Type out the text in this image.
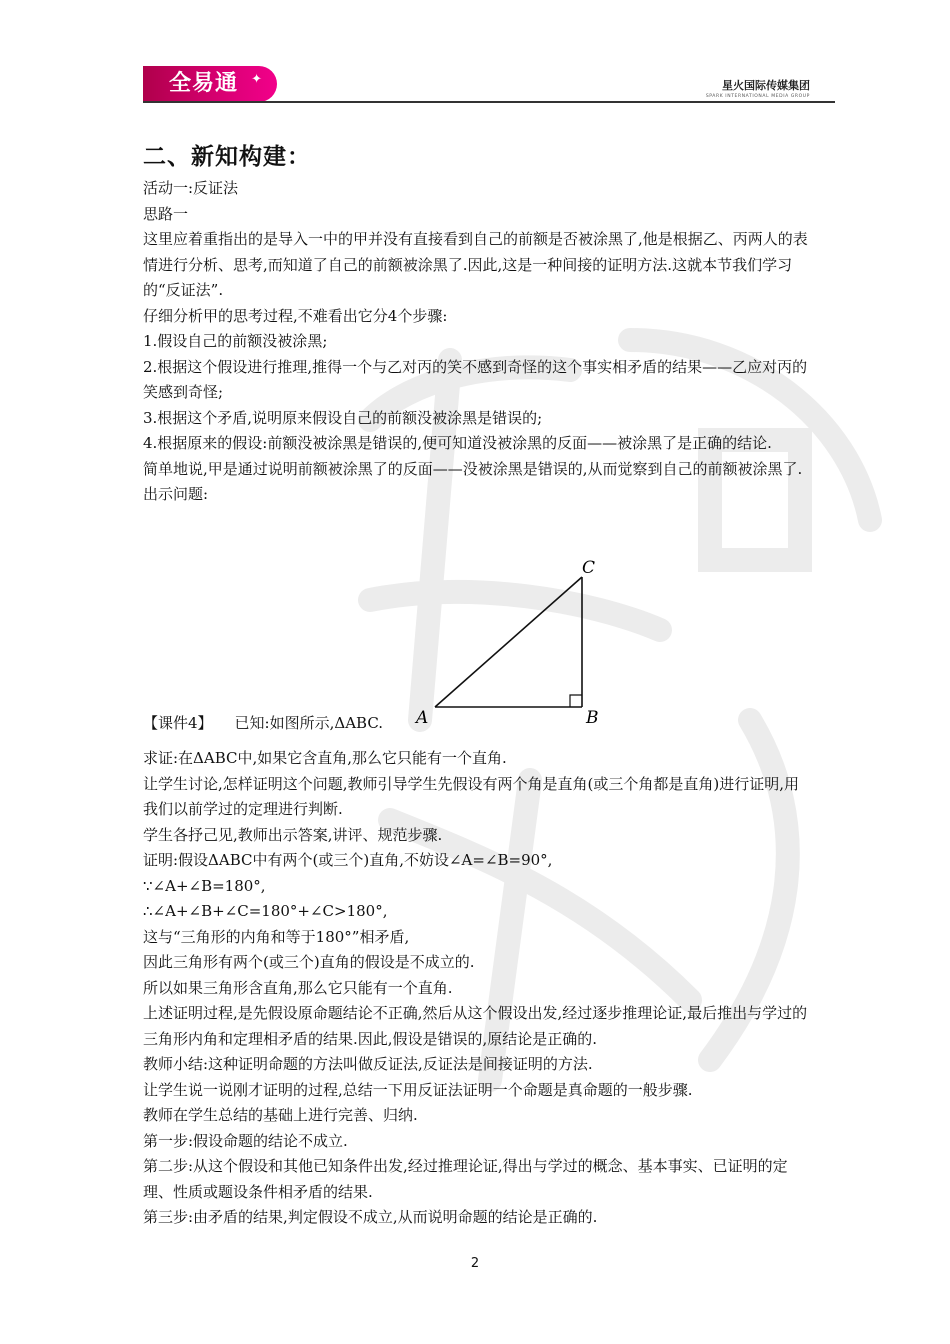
全易通	✦	星火国际传媒集团
SPARK INTERNATIONAL MEDIA GROUP
二、新知构建：

活动一:反证法

思路一

这里应着重指出的是导入一中的甲并没有直接看到自己的前额是否被涂黑了,他是根据乙、丙两人的表情进行分析、思考,而知道了自己的前额被涂黑了.因此,这是一种间接的证明方法.这就本节我们学习的“反证法”.

仔细分析甲的思考过程,不难看出它分4个步骤:

1.假设自己的前额没被涂黑;

2.根据这个假设进行推理,推得一个与乙对丙的笑不感到奇怪的这个事实相矛盾的结果——乙应对丙的笑感到奇怪;

3.根据这个矛盾,说明原来假设自己的前额没被涂黑是错误的;

4.根据原来的假设:前额没被涂黑是错误的,便可知道没被涂黑的反面——被涂黑了是正确的结论.

简单地说,甲是通过说明前额被涂黑了的反面——没被涂黑是错误的,从而觉察到自己的前额被涂黑了.

出示问题:

A	B
C
【课件4】 已知:如图所示,ΔABC.

求证:在ΔABC中,如果它含直角,那么它只能有一个直角.

让学生讨论,怎样证明这个问题,教师引导学生先假设有两个角是直角(或三个角都是直角)进行证明,用我们以前学过的定理进行判断.

学生各抒己见,教师出示答案,讲评、规范步骤.

证明:假设ΔABC中有两个(或三个)直角,不妨设∠A=∠B=90°,

∵∠A+∠B=180°,

∴∠A+∠B+∠C=180°+∠C>180°,

这与“三角形的内角和等于180°”相矛盾,

因此三角形有两个(或三个)直角的假设是不成立的.

所以如果三角形含直角,那么它只能有一个直角.

上述证明过程,是先假设原命题结论不正确,然后从这个假设出发,经过逐步推理论证,最后推出与学过的三角形内角和定理相矛盾的结果.因此,假设是错误的,原结论是正确的.

教师小结:这种证明命题的方法叫做反证法,反证法是间接证明的方法.

让学生说一说刚才证明的过程,总结一下用反证法证明一个命题是真命题的一般步骤.

教师在学生总结的基础上进行完善、归纳.

第一步:假设命题的结论不成立.

第二步:从这个假设和其他已知条件出发,经过推理论证,得出与学过的概念、基本事实、已证明的定理、性质或题设条件相矛盾的结果.

第三步:由矛盾的结果,判定假设不成立,从而说明命题的结论是正确的.

2
